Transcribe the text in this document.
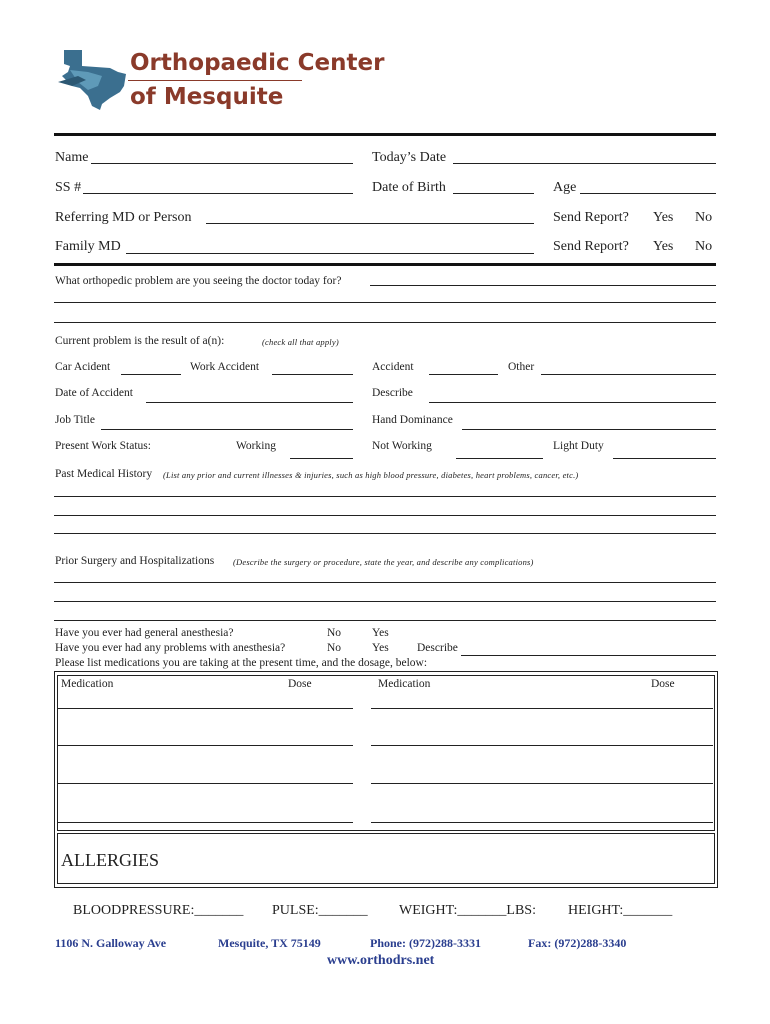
Orthopaedic Center
of Mesquite
Name	Today’s Date
SS #	Date of Birth	Age
Referring MD or Person	Send Report? Yes No
Family MD	Send Report? Yes No
What orthopedic problem are you seeing the doctor today for?
Current problem is the result of a(n):	(check all that apply)
Car Acident	Work Accident	Accident	Other
Date of Accident	Describe
Job Title	Hand Dominance
Present Work Status:	Working	Not Working	Light Duty
Past Medical History (List any prior and current illnesses & injuries, such as high blood pressure, diabetes, heart problems, cancer, etc.)
Prior Surgery and Hospitalizations (Describe the surgery or procedure, state the year, and describe any complications)
Have you ever had general anesthesia?	No	Yes
Have you ever had any problems with anesthesia?	No	Yes Describe
Please list medications you are taking at the present time, and the dosage, below:
Medication	Dose	Medication	Dose
ALLERGIES
BLOODPRESSURE:_______ PULSE:_______ WEIGHT:_______LBS: HEIGHT:_______
1106 N. Galloway Ave	Mesquite, TX 75149	Phone: (972)288-3331	Fax: (972)288-3340
www.orthodrs.net
